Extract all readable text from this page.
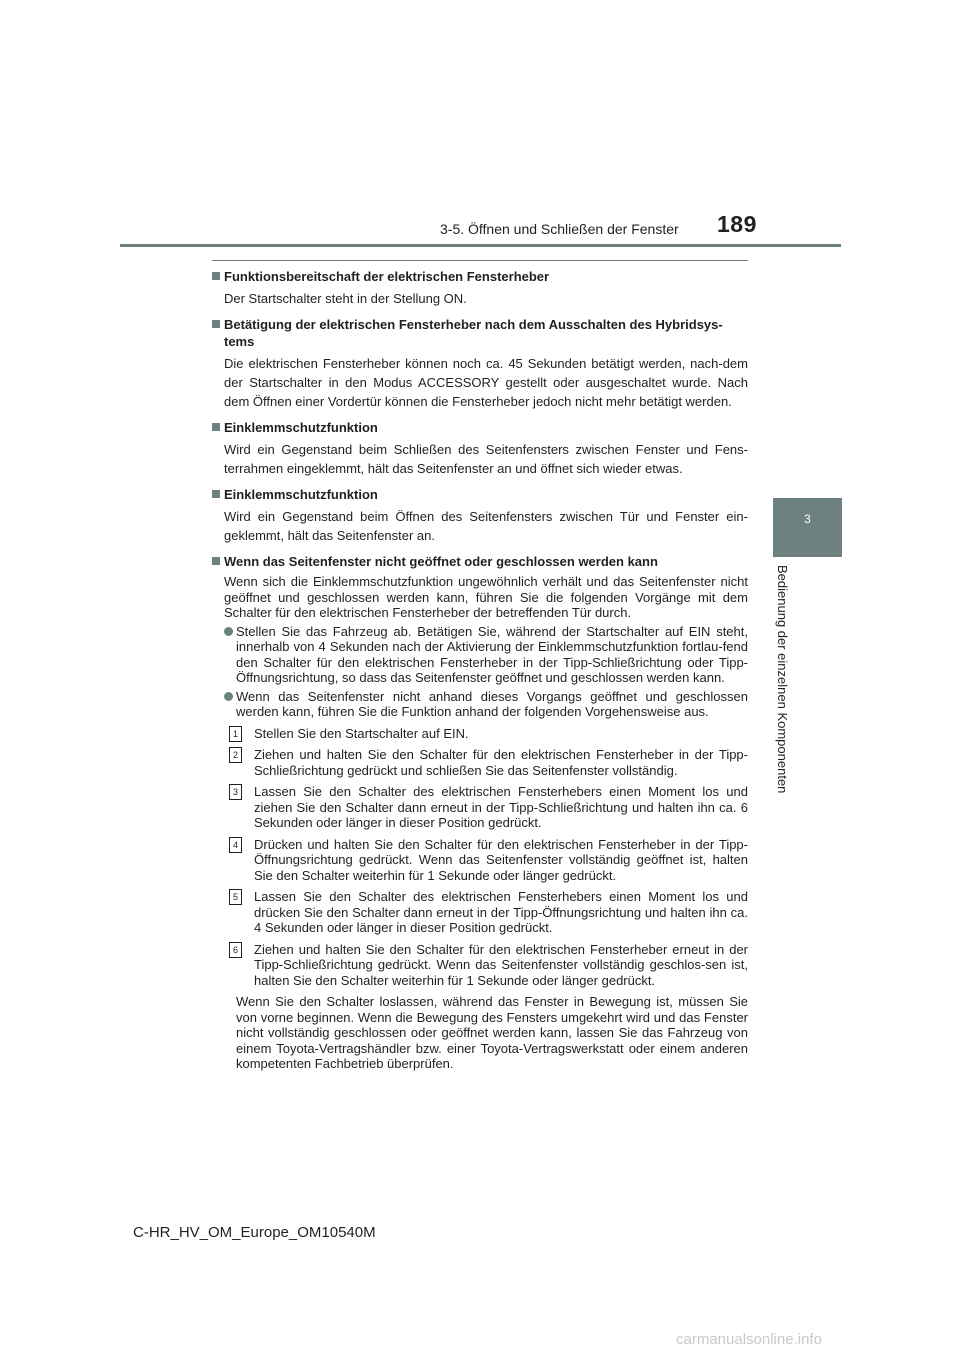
3-5. Öffnen und Schließen der Fenster 189
3
Bedienung der einzelnen Komponenten
Funktionsbereitschaft der elektrischen Fensterheber
Der Startschalter steht in der Stellung ON.
Betätigung der elektrischen Fensterheber nach dem Ausschalten des Hybridsys-tems
Die elektrischen Fensterheber können noch ca. 45 Sekunden betätigt werden, nach-dem der Startschalter in den Modus ACCESSORY gestellt oder ausgeschaltet wurde. Nach dem Öffnen einer Vordertür können die Fensterheber jedoch nicht mehr betätigt werden.
Einklemmschutzfunktion
Wird ein Gegenstand beim Schließen des Seitenfensters zwischen Fenster und Fens-terrahmen eingeklemmt, hält das Seitenfenster an und öffnet sich wieder etwas.
Einklemmschutzfunktion
Wird ein Gegenstand beim Öffnen des Seitenfensters zwischen Tür und Fenster ein-geklemmt, hält das Seitenfenster an.
Wenn das Seitenfenster nicht geöffnet oder geschlossen werden kann
Wenn sich die Einklemmschutzfunktion ungewöhnlich verhält und das Seitenfenster nicht geöffnet und geschlossen werden kann, führen Sie die folgenden Vorgänge mit dem Schalter für den elektrischen Fensterheber der betreffenden Tür durch.
Stellen Sie das Fahrzeug ab. Betätigen Sie, während der Startschalter auf EIN steht, innerhalb von 4 Sekunden nach der Aktivierung der Einklemmschutzfunktion fortlau-fend den Schalter für den elektrischen Fensterheber in der Tipp-Schließrichtung oder Tipp-Öffnungsrichtung, so dass das Seitenfenster geöffnet und geschlossen werden kann.
Wenn das Seitenfenster nicht anhand dieses Vorgangs geöffnet und geschlossen werden kann, führen Sie die Funktion anhand der folgenden Vorgehensweise aus.
1	Stellen Sie den Startschalter auf EIN.
2	Ziehen und halten Sie den Schalter für den elektrischen Fensterheber in der Tipp-Schließrichtung gedrückt und schließen Sie das Seitenfenster vollständig.
3	Lassen Sie den Schalter des elektrischen Fensterhebers einen Moment los und ziehen Sie den Schalter dann erneut in der Tipp-Schließrichtung und halten ihn ca. 6 Sekunden oder länger in dieser Position gedrückt.
4	Drücken und halten Sie den Schalter für den elektrischen Fensterheber in der Tipp-Öffnungsrichtung gedrückt. Wenn das Seitenfenster vollständig geöffnet ist, halten Sie den Schalter weiterhin für 1 Sekunde oder länger gedrückt.
5	Lassen Sie den Schalter des elektrischen Fensterhebers einen Moment los und drücken Sie den Schalter dann erneut in der Tipp-Öffnungsrichtung und halten ihn ca. 4 Sekunden oder länger in dieser Position gedrückt.
6	Ziehen und halten Sie den Schalter für den elektrischen Fensterheber erneut in der Tipp-Schließrichtung gedrückt. Wenn das Seitenfenster vollständig geschlos-sen ist, halten Sie den Schalter weiterhin für 1 Sekunde oder länger gedrückt.
Wenn Sie den Schalter loslassen, während das Fenster in Bewegung ist, müssen Sie von vorne beginnen. Wenn die Bewegung des Fensters umgekehrt wird und das Fenster nicht vollständig geschlossen oder geöffnet werden kann, lassen Sie das Fahrzeug von einem Toyota-Vertragshändler bzw. einer Toyota-Vertragswerkstatt oder einem anderen kompetenten Fachbetrieb überprüfen.
C-HR_HV_OM_Europe_OM10540M
carmanualsonline.info
